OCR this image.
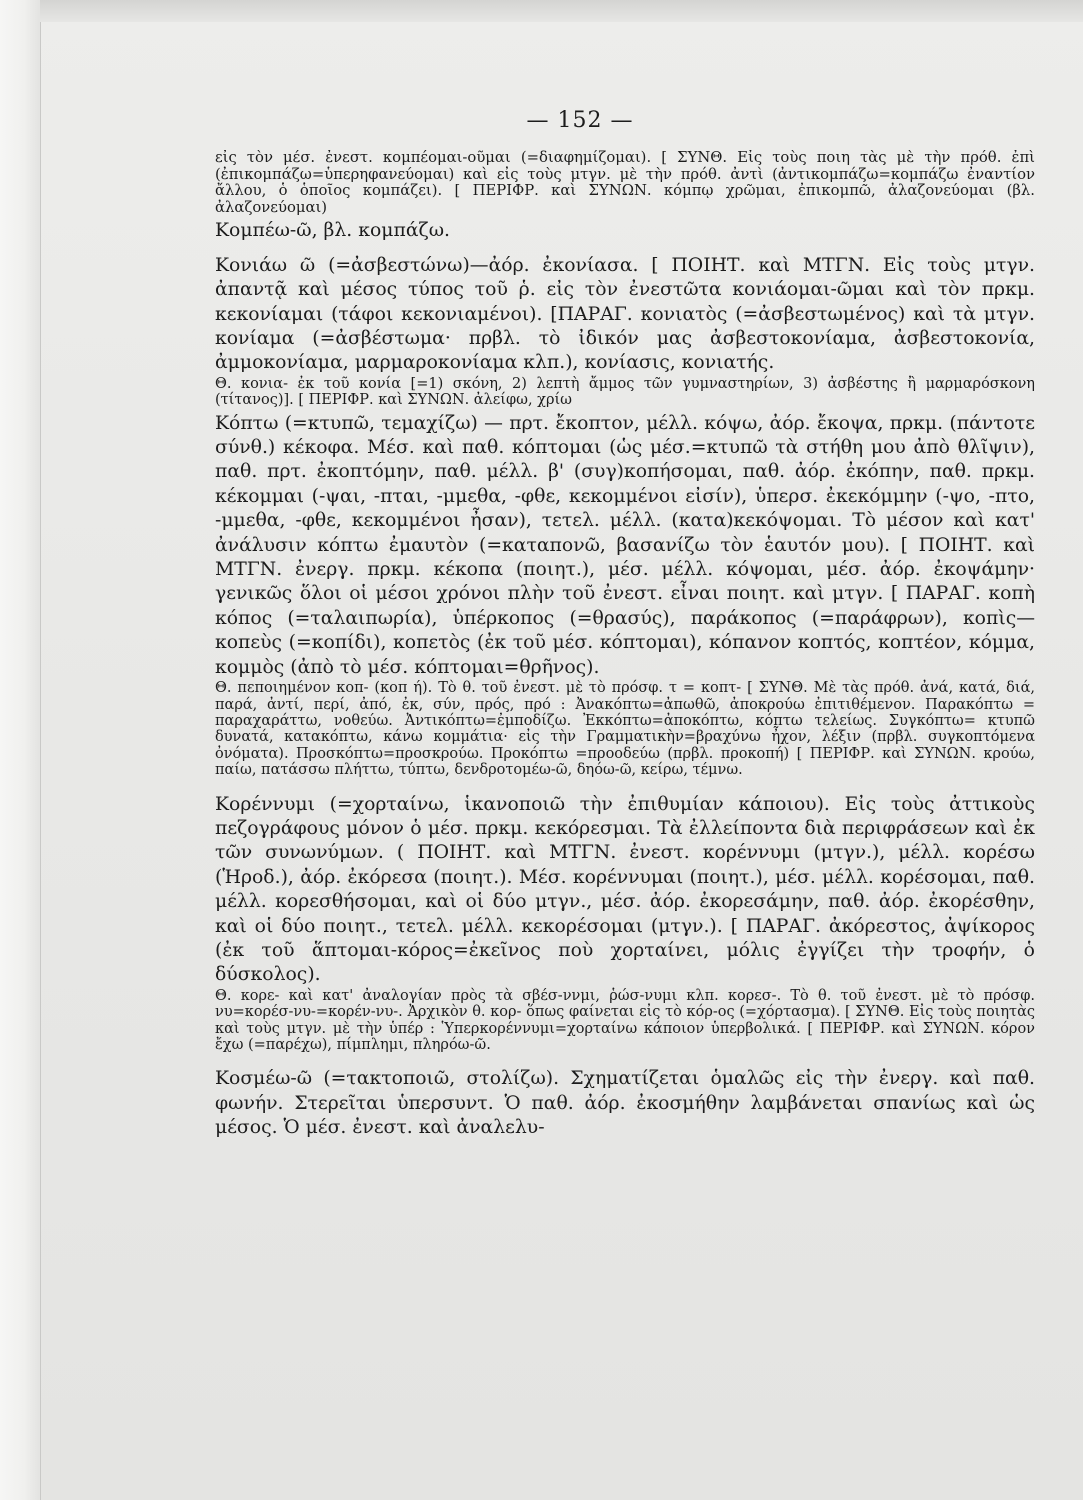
— 152 —

εἰς τὸν μέσ. ἐνεστ. κομπέομαι-οῦμαι (=διαφημίζομαι). [ ΣΥΝΘ. Εἰς τοὺς ποιη τὰς μὲ τὴν πρόθ. ἐπὶ (ἐπικομπάζω=ὑπερηφανεύομαι) καὶ εἰς τοὺς μτγν. μὲ τὴν πρόθ. ἀντὶ (ἀντικομπάζω=κομπάζω ἐναντίον ἄλλου, ὁ ὁποῖος κομπάζει). [ ΠΕΡΙΦΡ. καὶ ΣΥΝΩΝ. κόμπῳ χρῶμαι, ἐπικομπῶ, ἀλαζονεύομαι (βλ. ἀλαζονεύομαι)

Κομπέω-ῶ, βλ. κομπάζω.

Κονιάω ῶ (=ἀσβεστώνω)—ἀόρ. ἐκονίασα. [ ΠΟΙΗΤ. καὶ ΜΤΓΝ. Εἰς τοὺς μτγν. ἀπαντᾷ καὶ μέσος τύπος τοῦ ῥ. εἰς τὸν ἐνεστῶτα κονιάομαι-ῶμαι καὶ τὸν πρκμ. κεκονίαμαι (τάφοι κεκονιαμένοι). [ΠΑΡΑΓ. κονιατὸς (=ἀσβεστωμένος) καὶ τὰ μτγν. κονίαμα (=ἀσβέστωμα· πρβλ. τὸ ἰδικόν μας ἀσβεστοκονίαμα, ἀσβεστοκονία, ἀμμοκονίαμα, μαρμαροκονίαμα κλπ.), κονίασις, κονιατής.

Θ. κονια- ἐκ τοῦ κονία [=1) σκόνη, 2) λεπτὴ ἄμμος τῶν γυμναστηρίων, 3) ἀσβέστης ἢ μαρμαρόσκονη (τίτανος)]. [ ΠΕΡΙΦΡ. καὶ ΣΥΝΩΝ. ἀλείφω, χρίω

Κόπτω (=κτυπῶ, τεμαχίζω) — πρτ. ἔκοπτον, μέλλ. κόψω, ἀόρ. ἔκοψα, πρκμ. (πάντοτε σύνθ.) κέκοφα. Μέσ. καὶ παθ. κόπτομαι (ὡς μέσ.=κτυπῶ τὰ στήθη μου ἀπὸ θλῖψιν), παθ. πρτ. ἐκοπτόμην, παθ. μέλλ. β' (συγ)κοπήσομαι, παθ. ἀόρ. ἐκόπην, παθ. πρκμ. κέκομμαι (-ψαι, -πται, -μμεθα, -φθε, κεκομμένοι εἰσίν), ὑπερσ. ἐκεκόμμην (-ψο, -πτο, -μμεθα, -φθε, κεκομμένοι ἦσαν), τετελ. μέλλ. (κατα)κεκόψομαι. Τὸ μέσον καὶ κατ' ἀνάλυσιν κόπτω ἐμαυτὸν (=καταπονῶ, βασανίζω τὸν ἑαυτόν μου). [ ΠΟΙΗΤ. καὶ ΜΤΓΝ. ἐνεργ. πρκμ. κέκοπα (ποιητ.), μέσ. μέλλ. κόψομαι, μέσ. ἀόρ. ἐκοψάμην· γενικῶς ὅλοι οἱ μέσοι χρόνοι πλὴν τοῦ ἐνεστ. εἶναι ποιητ. καὶ μτγν. [ ΠΑΡΑΓ. κοπὴ κόπος (=ταλαιπωρία), ὑπέρκοπος (=θρασύς), παράκοπος (=παράφρων), κοπὶς—κοπεὺς (=κοπίδι), κοπετὸς (ἐκ τοῦ μέσ. κόπτομαι), κόπανον κοπτός, κοπτέον, κόμμα, κομμὸς (ἀπὸ τὸ μέσ. κόπτομαι=θρῆνος).

Θ. πεποιημένον κοπ- (κοπ ή). Τὸ θ. τοῦ ἐνεστ. μὲ τὸ πρόσφ. τ = κοπτ- [ ΣΥΝΘ. Μὲ τὰς πρόθ. ἀνά, κατά, διά, παρά, ἀντί, περί, ἀπό, ἐκ, σύν, πρός, πρό : Ἀνακόπτω=ἀπωθῶ, ἀποκρούω ἐπιτιθέμενον. Παρακόπτω = παραχαράττω, νοθεύω. Ἀντικόπτω=ἐμποδίζω. Ἐκκόπτω=ἀποκόπτω, κόπτω τελείως. Συγκόπτω= κτυπῶ δυνατά, κατακόπτω, κάνω κομμάτια· εἰς τὴν Γραμματικὴν=βραχύνω ἦχον, λέξιν (πρβλ. συγκοπτόμενα ὀνόματα). Προσκόπτω=προσκρούω. Προκόπτω =προοδεύω (πρβλ. προκοπή) [ ΠΕΡΙΦΡ. καὶ ΣΥΝΩΝ. κρούω, παίω, πατάσσω πλήττω, τύπτω, δενδροτομέω-ῶ, δηόω-ῶ, κείρω, τέμνω.

Κορέννυμι (=χορταίνω, ἱκανοποιῶ τὴν ἐπιθυμίαν κάποιου). Εἰς τοὺς ἀττικοὺς πεζογράφους μόνον ὁ μέσ. πρκμ. κεκόρεσμαι. Τὰ ἐλλείποντα διὰ περιφράσεων καὶ ἐκ τῶν συνωνύμων. ( ΠΟΙΗΤ. καὶ ΜΤΓΝ. ἐνεστ. κορέννυμι (μτγν.), μέλλ. κορέσω (Ἡροδ.), ἀόρ. ἐκόρεσα (ποιητ.). Μέσ. κορέννυμαι (ποιητ.), μέσ. μέλλ. κορέσομαι, παθ. μέλλ. κορεσθήσομαι, καὶ οἱ δύο μτγν., μέσ. ἀόρ. ἐκορεσάμην, παθ. ἀόρ. ἐκορέσθην, καὶ οἱ δύο ποιητ., τετελ. μέλλ. κεκορέσομαι (μτγν.). [ ΠΑΡΑΓ. ἀκόρεστος, ἀψίκορος (ἐκ τοῦ ἅπτομαι-κόρος=ἐκεῖνος ποὺ χορταίνει, μόλις ἐγγίζει τὴν τροφήν, ὁ δύσκολος).

Θ. κορε- καὶ κατ' ἀναλογίαν πρὸς τὰ σβέσ-ννμι, ῥώσ-νυμι κλπ. κορεσ-. Τὸ θ. τοῦ ἐνεστ. μὲ τὸ πρόσφ. νυ=κορέσ-νυ-=κορέν-νυ-. Ἀρχικὸν θ. κορ- ὅπως φαίνεται εἰς τὸ κόρ-ος (=χόρτασμα). [ ΣΥΝΘ. Εἰς τοὺς ποιητὰς καὶ τοὺς μτγν. μὲ τὴν ὑπέρ : Ὑπερκορέννυμι=χορταίνω κάποιον ὑπερβολικά. [ ΠΕΡΙΦΡ. καὶ ΣΥΝΩΝ. κόρον ἔχω (=παρέχω), πίμπλημι, πληρόω-ῶ.

Κοσμέω-ῶ (=τακτοποιῶ, στολίζω). Σχηματίζεται ὁμαλῶς εἰς τὴν ἐνεργ. καὶ παθ. φωνήν. Στερεῖται ὑπερσυντ. Ὁ παθ. ἀόρ. ἐκοσμήθην λαμβάνεται σπανίως καὶ ὡς μέσος. Ὁ μέσ. ἐνεστ. καὶ ἀναλελυ-
